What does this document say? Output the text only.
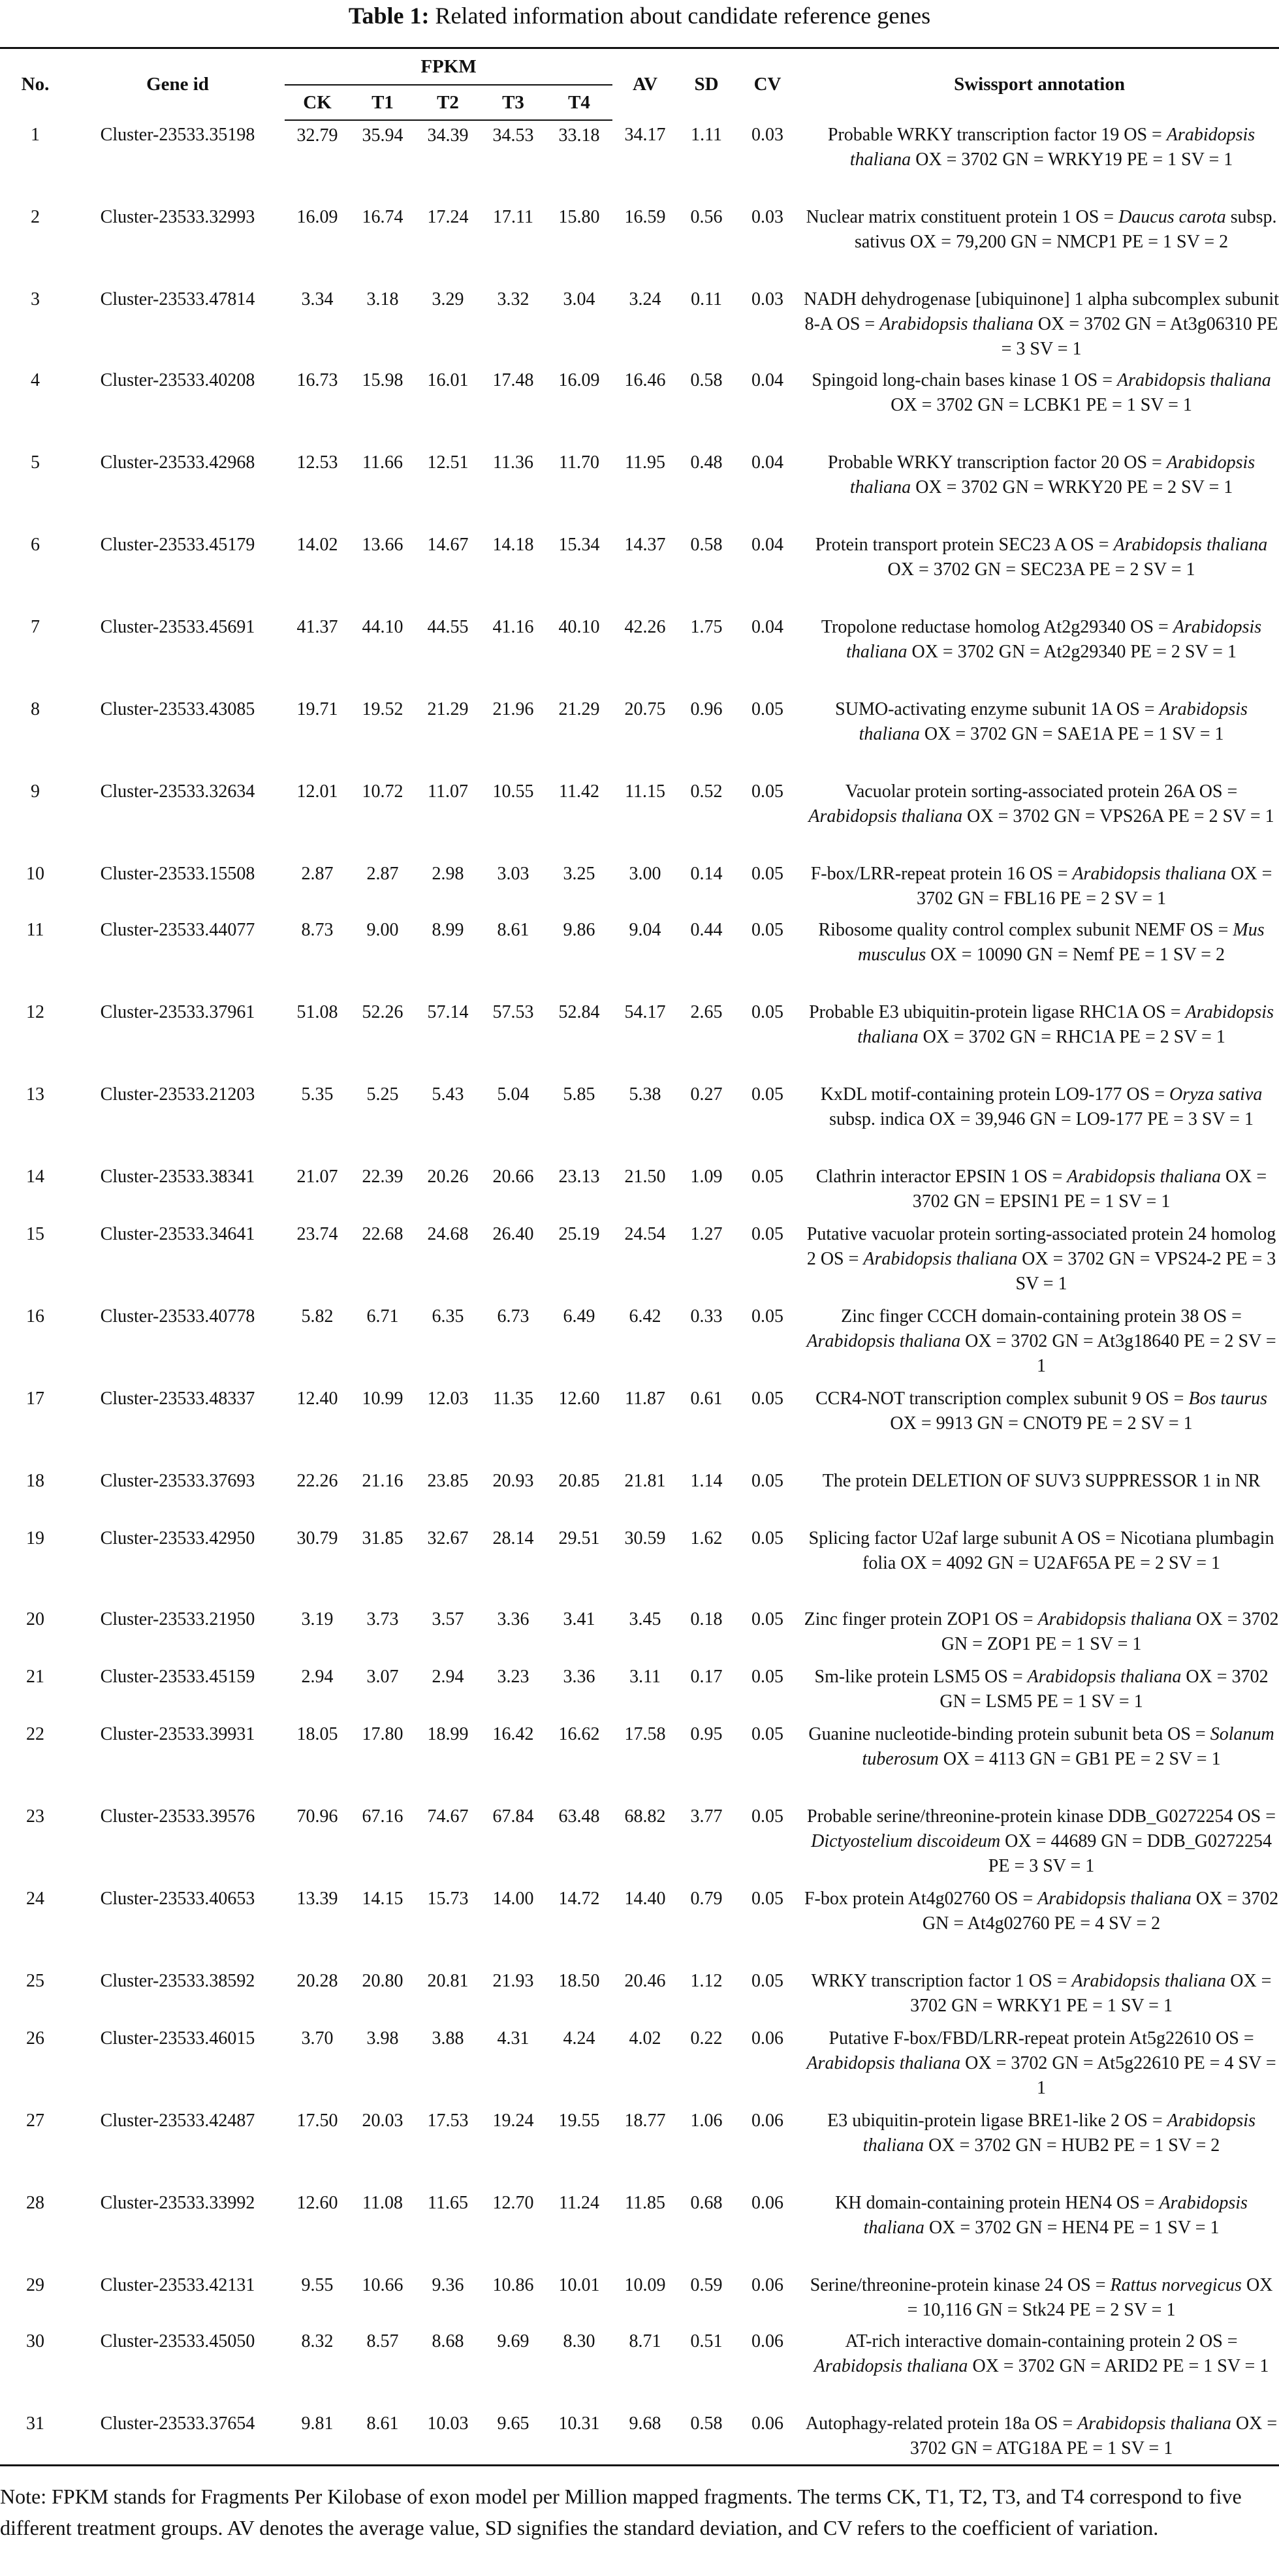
Table 1: Related information about candidate reference genes
No.	Gene id	FPKM					AV	SD	CV	Swissport annotation
		CK	T1	T2	T3	T4				
1	Cluster-23533.35198	32.79	35.94	34.39	34.53	33.18	34.17	1.11	0.03	Probable WRKY transcription factor 19 OS = Arabidopsis thaliana OX = 3702 GN = WRKY19 PE = 1 SV = 1
2	Cluster-23533.32993	16.09	16.74	17.24	17.11	15.80	16.59	0.56	0.03	Nuclear matrix constituent protein 1 OS = Daucus carota subsp. sativus OX = 79,200 GN = NMCP1 PE = 1 SV = 2
3	Cluster-23533.47814	3.34	3.18	3.29	3.32	3.04	3.24	0.11	0.03	NADH dehydrogenase [ubiquinone] 1 alpha subcomplex subunit 8-A OS = Arabidopsis thaliana OX = 3702 GN = At3g06310 PE = 3 SV = 1
4	Cluster-23533.40208	16.73	15.98	16.01	17.48	16.09	16.46	0.58	0.04	Spingoid long-chain bases kinase 1 OS = Arabidopsis thaliana OX = 3702 GN = LCBK1 PE = 1 SV = 1
5	Cluster-23533.42968	12.53	11.66	12.51	11.36	11.70	11.95	0.48	0.04	Probable WRKY transcription factor 20 OS = Arabidopsis thaliana OX = 3702 GN = WRKY20 PE = 2 SV = 1
6	Cluster-23533.45179	14.02	13.66	14.67	14.18	15.34	14.37	0.58	0.04	Protein transport protein SEC23 A OS = Arabidopsis thaliana OX = 3702 GN = SEC23A PE = 2 SV = 1
7	Cluster-23533.45691	41.37	44.10	44.55	41.16	40.10	42.26	1.75	0.04	Tropolone reductase homolog At2g29340 OS = Arabidopsis thaliana OX = 3702 GN = At2g29340 PE = 2 SV = 1
8	Cluster-23533.43085	19.71	19.52	21.29	21.96	21.29	20.75	0.96	0.05	SUMO-activating enzyme subunit 1A OS = Arabidopsis thaliana OX = 3702 GN = SAE1A PE = 1 SV = 1
9	Cluster-23533.32634	12.01	10.72	11.07	10.55	11.42	11.15	0.52	0.05	Vacuolar protein sorting-associated protein 26A OS = Arabidopsis thaliana OX = 3702 GN = VPS26A PE = 2 SV = 1
10	Cluster-23533.15508	2.87	2.87	2.98	3.03	3.25	3.00	0.14	0.05	F-box/LRR-repeat protein 16 OS = Arabidopsis thaliana OX = 3702 GN = FBL16 PE = 2 SV = 1
11	Cluster-23533.44077	8.73	9.00	8.99	8.61	9.86	9.04	0.44	0.05	Ribosome quality control complex subunit NEMF OS = Mus musculus OX = 10090 GN = Nemf PE = 1 SV = 2
12	Cluster-23533.37961	51.08	52.26	57.14	57.53	52.84	54.17	2.65	0.05	Probable E3 ubiquitin-protein ligase RHC1A OS = Arabidopsis thaliana OX = 3702 GN = RHC1A PE = 2 SV = 1
13	Cluster-23533.21203	5.35	5.25	5.43	5.04	5.85	5.38	0.27	0.05	KxDL motif-containing protein LO9-177 OS = Oryza sativa subsp. indica OX = 39,946 GN = LO9-177 PE = 3 SV = 1
14	Cluster-23533.38341	21.07	22.39	20.26	20.66	23.13	21.50	1.09	0.05	Clathrin interactor EPSIN 1 OS = Arabidopsis thaliana OX = 3702 GN = EPSIN1 PE = 1 SV = 1
15	Cluster-23533.34641	23.74	22.68	24.68	26.40	25.19	24.54	1.27	0.05	Putative vacuolar protein sorting-associated protein 24 homolog 2 OS = Arabidopsis thaliana OX = 3702 GN = VPS24-2 PE = 3 SV = 1
16	Cluster-23533.40778	5.82	6.71	6.35	6.73	6.49	6.42	0.33	0.05	Zinc finger CCCH domain-containing protein 38 OS = Arabidopsis thaliana OX = 3702 GN = At3g18640 PE = 2 SV = 1
17	Cluster-23533.48337	12.40	10.99	12.03	11.35	12.60	11.87	0.61	0.05	CCR4-NOT transcription complex subunit 9 OS = Bos taurus OX = 9913 GN = CNOT9 PE = 2 SV = 1
18	Cluster-23533.37693	22.26	21.16	23.85	20.93	20.85	21.81	1.14	0.05	The protein DELETION OF SUV3 SUPPRESSOR 1 in NR
19	Cluster-23533.42950	30.79	31.85	32.67	28.14	29.51	30.59	1.62	0.05	Splicing factor U2af large subunit A OS = Nicotiana plumbagin folia OX = 4092 GN = U2AF65A PE = 2 SV = 1
20	Cluster-23533.21950	3.19	3.73	3.57	3.36	3.41	3.45	0.18	0.05	Zinc finger protein ZOP1 OS = Arabidopsis thaliana OX = 3702 GN = ZOP1 PE = 1 SV = 1
21	Cluster-23533.45159	2.94	3.07	2.94	3.23	3.36	3.11	0.17	0.05	Sm-like protein LSM5 OS = Arabidopsis thaliana OX = 3702 GN = LSM5 PE = 1 SV = 1
22	Cluster-23533.39931	18.05	17.80	18.99	16.42	16.62	17.58	0.95	0.05	Guanine nucleotide-binding protein subunit beta OS = Solanum tuberosum OX = 4113 GN = GB1 PE = 2 SV = 1
23	Cluster-23533.39576	70.96	67.16	74.67	67.84	63.48	68.82	3.77	0.05	Probable serine/threonine-protein kinase DDB_G0272254 OS = Dictyostelium discoideum OX = 44689 GN = DDB_G0272254 PE = 3 SV = 1
24	Cluster-23533.40653	13.39	14.15	15.73	14.00	14.72	14.40	0.79	0.05	F-box protein At4g02760 OS = Arabidopsis thaliana OX = 3702 GN = At4g02760 PE = 4 SV = 2
25	Cluster-23533.38592	20.28	20.80	20.81	21.93	18.50	20.46	1.12	0.05	WRKY transcription factor 1 OS = Arabidopsis thaliana OX = 3702 GN = WRKY1 PE = 1 SV = 1
26	Cluster-23533.46015	3.70	3.98	3.88	4.31	4.24	4.02	0.22	0.06	Putative F-box/FBD/LRR-repeat protein At5g22610 OS = Arabidopsis thaliana OX = 3702 GN = At5g22610 PE = 4 SV = 1
27	Cluster-23533.42487	17.50	20.03	17.53	19.24	19.55	18.77	1.06	0.06	E3 ubiquitin-protein ligase BRE1-like 2 OS = Arabidopsis thaliana OX = 3702 GN = HUB2 PE = 1 SV = 2
28	Cluster-23533.33992	12.60	11.08	11.65	12.70	11.24	11.85	0.68	0.06	KH domain-containing protein HEN4 OS = Arabidopsis thaliana OX = 3702 GN = HEN4 PE = 1 SV = 1
29	Cluster-23533.42131	9.55	10.66	9.36	10.86	10.01	10.09	0.59	0.06	Serine/threonine-protein kinase 24 OS = Rattus norvegicus OX = 10,116 GN = Stk24 PE = 2 SV = 1
30	Cluster-23533.45050	8.32	8.57	8.68	9.69	8.30	8.71	0.51	0.06	AT-rich interactive domain-containing protein 2 OS = Arabidopsis thaliana OX = 3702 GN = ARID2 PE = 1 SV = 1
31	Cluster-23533.37654	9.81	8.61	10.03	9.65	10.31	9.68	0.58	0.06	Autophagy-related protein 18a OS = Arabidopsis thaliana OX = 3702 GN = ATG18A PE = 1 SV = 1
Note: FPKM stands for Fragments Per Kilobase of exon model per Million mapped fragments. The terms CK, T1, T2, T3, and T4 correspond to five different treatment groups. AV denotes the average value, SD signifies the standard deviation, and CV refers to the coefficient of variation.
